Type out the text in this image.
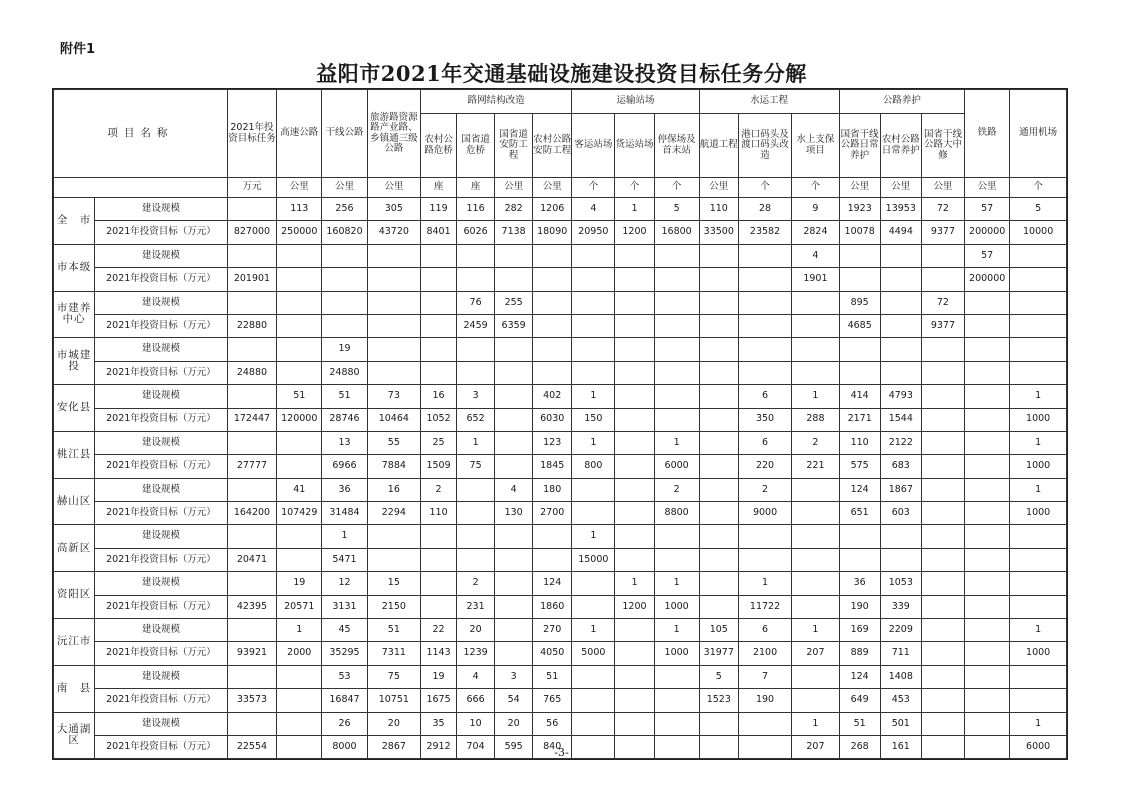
附件1
益阳市2021年交通基础设施建设投资目标任务分解
项目名称		2021年投资目标任务	高速公路	干线公路	旅游路资源路产业路、乡镇通三级公路	路网结构改造				运输站场			水运工程			公路养护			铁路	通用机场
						农村公路危桥	国省道危桥	国省道安防工程	农村公路安防工程	客运站场	货运站场	停保场及首末站	航道工程	港口码头及渡口码头改造	水上支保项目	国省干线公路日常养护	农村公路日常养护	国省干线公路大中修		
		万元	公里	公里	公里	座	座	公里	公里	个	个	个	公里	个	个	公里	公里	公里	公里	个
全　市	建设规模		113	256	305	119	116	282	1206	4	1	5	110	28	9	1923	13953	72	57	5
	2021年投资目标（万元）	827000	250000	160820	43720	8401	6026	7138	18090	20950	1200	16800	33500	23582	2824	10078	4494	9377	200000	10000
市本级	建设规模														4				57	
	2021年投资目标（万元）	201901													1901				200000	
市建养中心	建设规模						76	255								895		72		
	2021年投资目标（万元）	22880					2459	6359								4685		9377		
市城建投	建设规模			19																
	2021年投资目标（万元）	24880		24880																
安化县	建设规模		51	51	73	16	3		402	1				6	1	414	4793			1
	2021年投资目标（万元）	172447	120000	28746	10464	1052	652		6030	150				350	288	2171	1544			1000
桃江县	建设规模			13	55	25	1		123	1		1		6	2	110	2122			1
	2021年投资目标（万元）	27777		6966	7884	1509	75		1845	800		6000		220	221	575	683			1000
赫山区	建设规模		41	36	16	2		4	180			2		2		124	1867			1
	2021年投资目标（万元）	164200	107429	31484	2294	110		130	2700			8800		9000		651	603			1000
高新区	建设规模			1						1										
	2021年投资目标（万元）	20471		5471						15000										
资阳区	建设规模		19	12	15		2		124		1	1		1		36	1053			
	2021年投资目标（万元）	42395	20571	3131	2150		231		1860		1200	1000		11722		190	339			
沅江市	建设规模		1	45	51	22	20		270	1		1	105	6	1	169	2209			1
	2021年投资目标（万元）	93921	2000	35295	7311	1143	1239		4050	5000		1000	31977	2100	207	889	711			1000
南　县	建设规模			53	75	19	4	3	51				5	7		124	1408			
	2021年投资目标（万元）	33573		16847	10751	1675	666	54	765				1523	190		649	453			
大通湖区	建设规模			26	20	35	10	20	56						1	51	501			1
	2021年投资目标（万元）	22554		8000	2867	2912	704	595	840						207	268	161			6000
-3-
